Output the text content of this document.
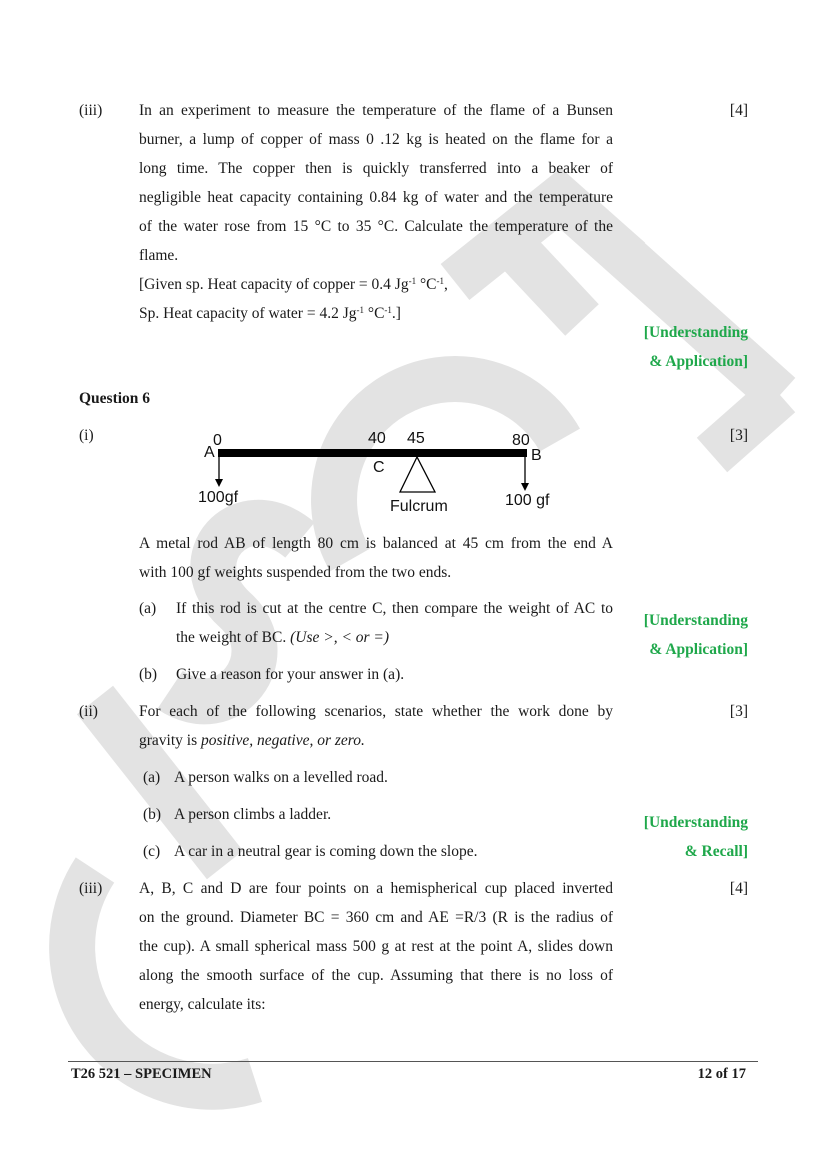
(iii)	[4]
In an experiment to measure the temperature of the flame of a Bunsen
burner, a lump of copper of mass 0 .12 kg is heated on the flame for a
long time. The copper then is quickly transferred into a beaker of
negligible heat capacity containing 0.84 kg of water and the temperature
of the water rose from 15 °C to 35 °C. Calculate the temperature of the
flame.
[Given sp. Heat capacity of copper = 0.4 $Jg^{-1}$ $^\circ C^{-1}$,
Sp. Heat capacity of water = 4.2 $Jg^{-1}$ $^\circ C^{-1}$.]
[Understanding
& Application]
Question 6
(i)	[3]
A
0	40 45	80
B
C
100gf	100 gf
Fulcrum
A metal rod AB of length 80 cm is balanced at 45 cm from the end A
with 100 gf weights suspended from the two ends.
(a) If this rod is cut at the centre C, then compare the weight of AC to
the weight of BC. (Use >, < or =)
(b) Give a reason for your answer in (a).
[Understanding
& Application]
(ii)	[3]
For each of the following scenarios, state whether the work done by
gravity is positive, negative, or zero.
(a) A person walks on a levelled road.
(b) A person climbs a ladder.
(c) A car in a neutral gear is coming down the slope.
[Understanding
& Recall]
(iii)	[4]
A, B, C and D are four points on a hemispherical cup placed inverted
on the ground. Diameter BC = 360 cm and AE =R/3 (R is the radius of
the cup). A small spherical mass 500 g at rest at the point A, slides down
along the smooth surface of the cup. Assuming that there is no loss of
energy, calculate its:
T26 521 – SPECIMEN	12 of 17
